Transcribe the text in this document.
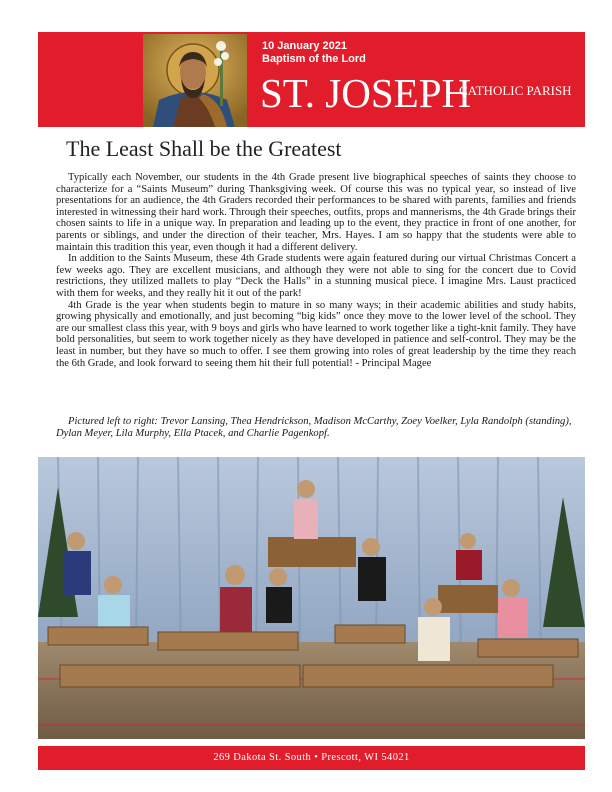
10 January 2021
Baptism of the Lord
ST. JOSEPH
CATHOLIC PARISH
The Least Shall be the Greatest

Typically each November, our students in the 4th Grade present live biographical speeches of saints they choose to characterize for a “Saints Museum” during Thanksgiving week. Of course this was no typical year, so instead of live presentations for an audience, the 4th Graders recorded their performances to be shared with parents, families and friends interested in witnessing their hard work. Through their speeches, outfits, props and mannerisms, the 4th Grade brings their chosen saints to life in a unique way. In preparation and leading up to the event, they practice in front of one another, for parents or siblings, and under the direction of their teacher, Mrs. Hayes. I am so happy that the students were able to maintain this tradition this year, even though it had a different delivery.

In addition to the Saints Museum, these 4th Grade students were again featured during our virtual Christmas Concert a few weeks ago. They are excellent musicians, and although they were not able to sing for the concert due to Covid restrictions, they utilized mallets to play “Deck the Halls” in a stunning musical piece. I imagine Mrs. Laust practiced with them for weeks, and they really hit it out of the park!

4th Grade is the year when students begin to mature in so many ways; in their academic abilities and study habits, growing physically and emotionally, and just becoming “big kids” once they move to the lower level of the school. They are our smallest class this year, with 9 boys and girls who have learned to work together like a tight-knit family. They have bold personalities, but seem to work together nicely as they have developed in patience and self-control. They may be the least in number, but they have so much to offer. I see them growing into roles of great leadership by the time they reach the 6th Grade, and look forward to seeing them hit their full potential! - Principal Magee

Pictured left to right: Trevor Lansing, Thea Hendrickson, Madison McCarthy, Zoey Voelker, Lyla Randolph (standing), Dylan Meyer, Lila Murphy, Ella Ptacek, and Charlie Pagenkopf.
269 Dakota St. South • Prescott, WI 54021
